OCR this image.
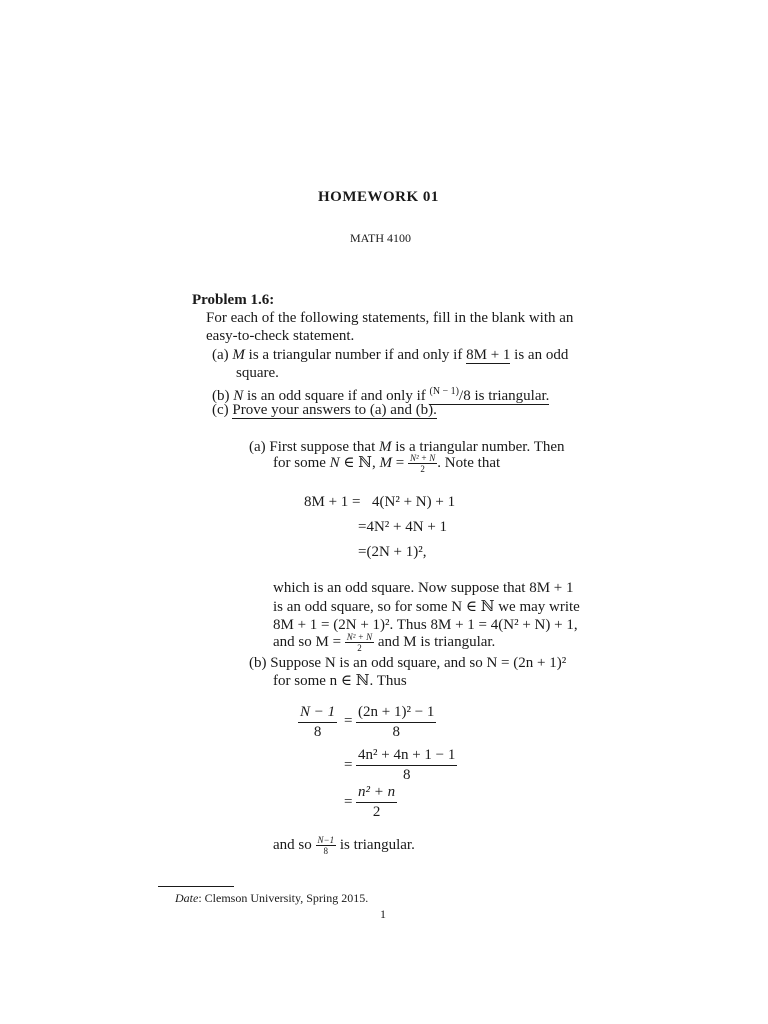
HOMEWORK 01
MATH 4100
Problem 1.6:
For each of the following statements, fill in the blank with an
easy-to-check statement.
(a) M is a triangular number if and only if 8M + 1 is an odd
square.
(b) N is an odd square if and only if $^{(N - 1)}$/8 is triangular.
(c) Prove your answers to (a) and (b).
(a) First suppose that M is a triangular number. Then
for some N ∈ ℕ, $M = \frac{\text{N² + N}}{2}$ . Note that
8M + 1 = 4(N² + N) + 1
=4N² + 4N + 1
=(2N + 1)²,
which is an odd square. Now suppose that 8M + 1
is an odd square, so for some N ∈ ℕ we may write
8M + 1 = (2N + 1)². Thus 8M + 1 = 4(N² + N) + 1,
and so $M = \frac{\text{N² + N}}{2}$ and M is triangular.
(b) Suppose N is an odd square, and so N = (2n + 1)²
for some n ∈ ℕ. Thus
$\frac{N - 1}{8} = \frac{\text{(2n + 1)² − 1}}{8}$
= $\frac{\text{4n² + 4n + 1 − 1}}{8}$
= $\frac{\text{n² + n}}{2}$
and so $\frac{N-1}{8}$ is triangular.
Date: Clemson University, Spring 2015.
1
